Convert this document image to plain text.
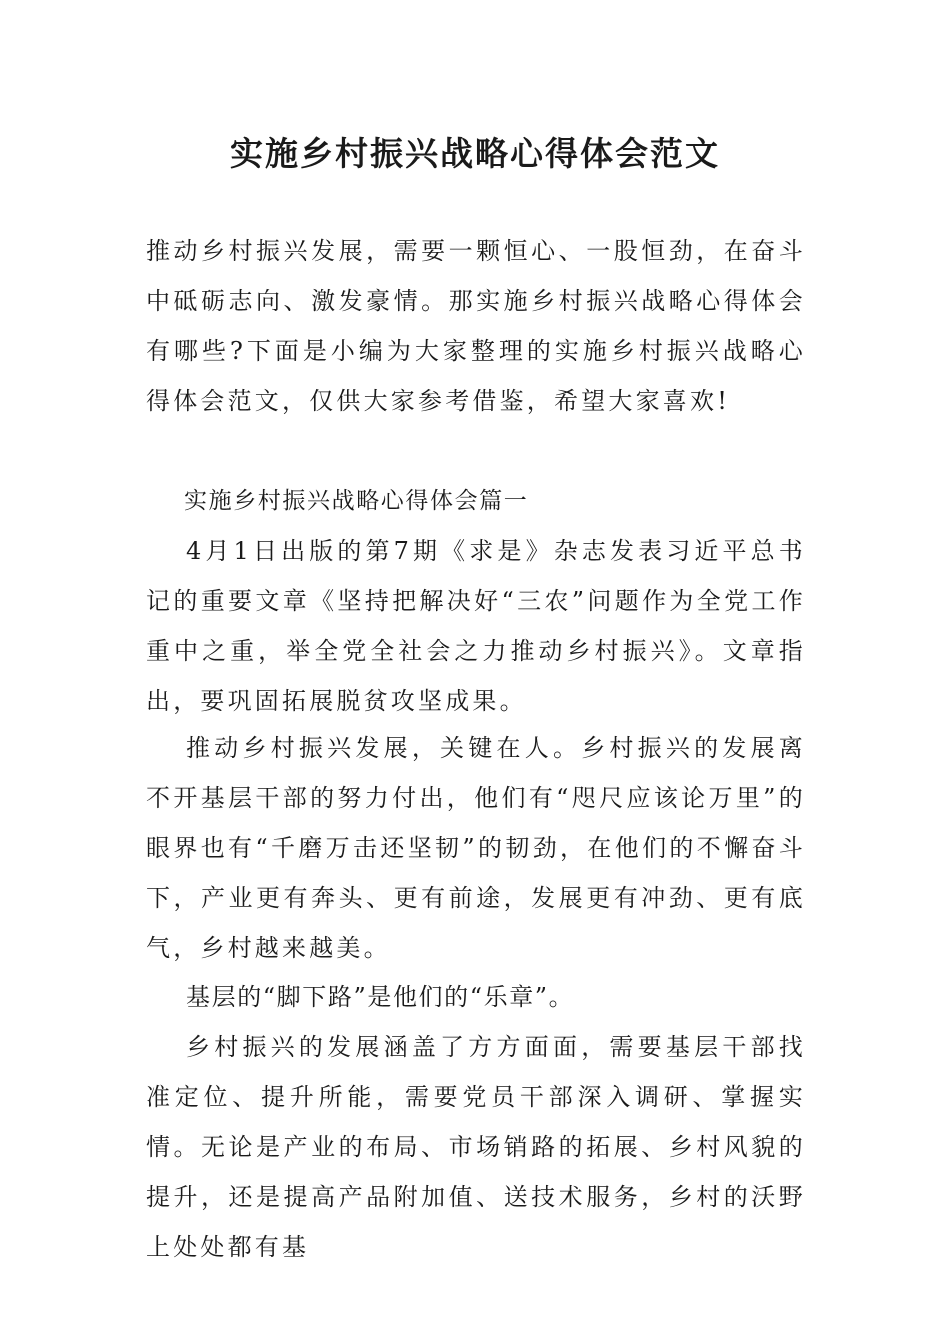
实施乡村振兴战略心得体会范文

推动乡村振兴发展，需要一颗恒心、一股恒劲，在奋斗中砥砺志向、激发豪情。那实施乡村振兴战略心得体会有哪些?下面是小编为大家整理的实施乡村振兴战略心得体会范文，仅供大家参考借鉴，希望大家喜欢!

实施乡村振兴战略心得体会篇一

4月1日出版的第7期《求是》杂志发表习近平总书记的重要文章《坚持把解决好“三农”问题作为全党工作重中之重，举全党全社会之力推动乡村振兴》。文章指出，要巩固拓展脱贫攻坚成果。

推动乡村振兴发展，关键在人。乡村振兴的发展离不开基层干部的努力付出，他们有“咫尺应该论万里”的眼界也有“千磨万击还坚韧”的韧劲，在他们的不懈奋斗下，产业更有奔头、更有前途，发展更有冲劲、更有底气，乡村越来越美。

基层的“脚下路”是他们的“乐章”。

乡村振兴的发展涵盖了方方面面，需要基层干部找准定位、提升所能，需要党员干部深入调研、掌握实情。无论是产业的布局、市场销路的拓展、乡村风貌的提升，还是提高产品附加值、送技术服务，乡村的沃野上处处都有基
